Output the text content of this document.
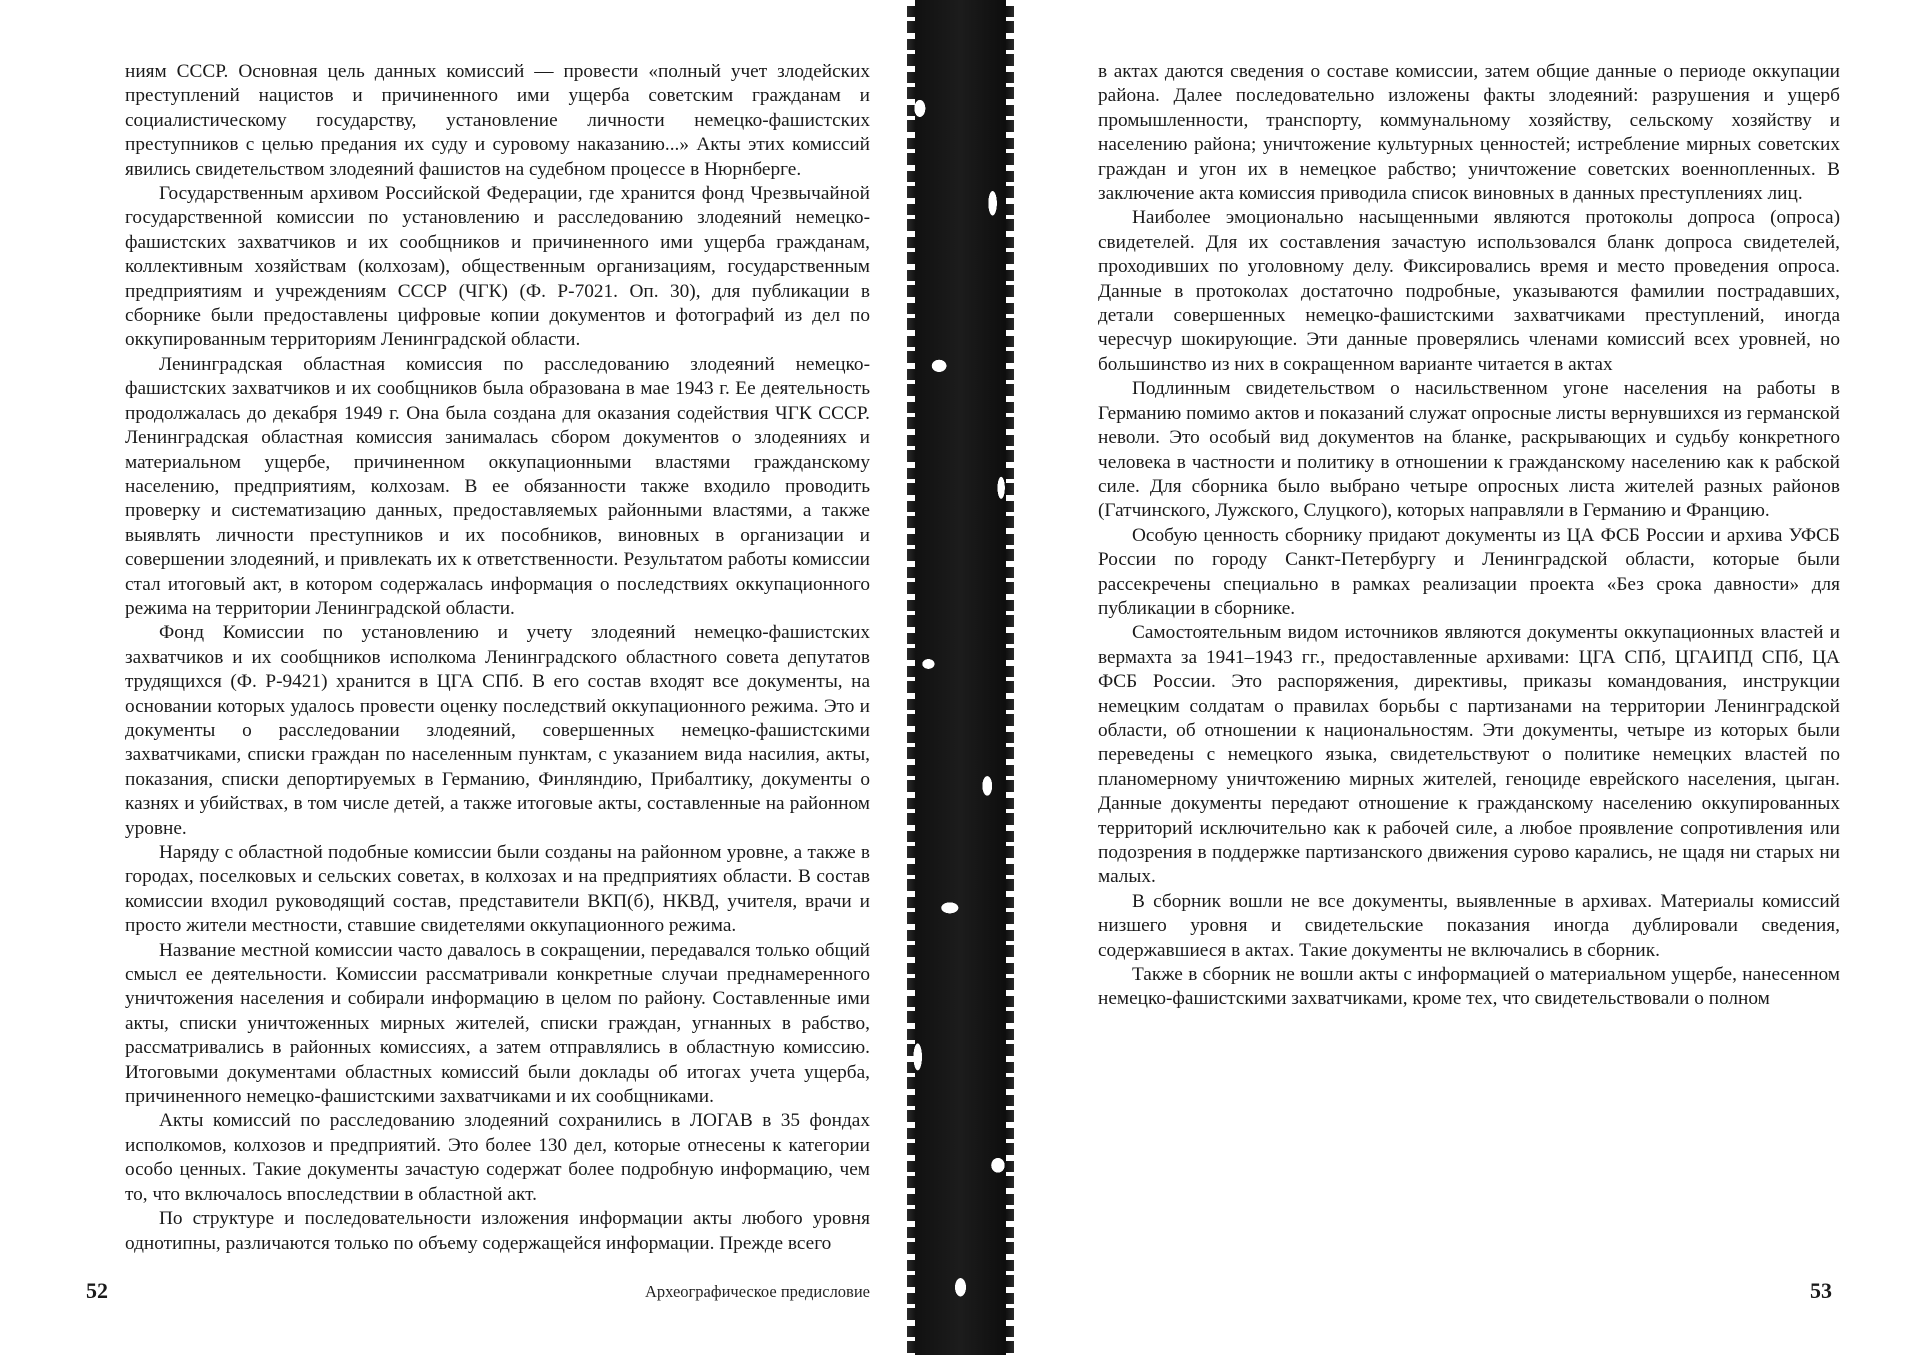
ниям СССР. Основная цель данных комиссий — провести «полный учет злодейских преступлений нацистов и причиненного ими ущерба советским гражданам и социалистическому государству, установление личности немецко-фашистских преступников с целью предания их суду и суровому наказанию...» Акты этих комиссий явились свидетельством злодеяний фашистов на судебном процессе в Нюрнберге.

Государственным архивом Российской Федерации, где хранится фонд Чрезвычайной государственной комиссии по установлению и расследованию злодеяний немецко-фашистских захватчиков и их сообщников и причиненного ими ущерба гражданам, коллективным хозяйствам (колхозам), общественным организациям, государственным предприятиям и учреждениям СССР (ЧГК) (Ф. Р-7021. Оп. 30), для публикации в сборнике были предоставлены цифровые копии документов и фотографий из дел по оккупированным территориям Ленинградской области.

Ленинградская областная комиссия по расследованию злодеяний немецко-фашистских захватчиков и их сообщников была образована в мае 1943 г. Ее деятельность продолжалась до декабря 1949 г. Она была создана для оказания содействия ЧГК СССР. Ленинградская областная комиссия занималась сбором документов о злодеяниях и материальном ущербе, причиненном оккупационными властями гражданскому населению, предприятиям, колхозам. В ее обязанности также входило проводить проверку и систематизацию данных, предоставляемых районными властями, а также выявлять личности преступников и их пособников, виновных в организации и совершении злодеяний, и привлекать их к ответственности. Результатом работы комиссии стал итоговый акт, в котором содержалась информация о последствиях оккупационного режима на территории Ленинградской области.

Фонд Комиссии по установлению и учету злодеяний немецко-фашистских захватчиков и их сообщников исполкома Ленинградского областного совета депутатов трудящихся (Ф. Р-9421) хранится в ЦГА СПб. В его состав входят все документы, на основании которых удалось провести оценку последствий оккупационного режима. Это и документы о расследовании злодеяний, совершенных немецко-фашистскими захватчиками, списки граждан по населенным пунктам, с указанием вида насилия, акты, показания, списки депортируемых в Германию, Финляндию, Прибалтику, документы о казнях и убийствах, в том числе детей, а также итоговые акты, составленные на районном уровне.

Наряду с областной подобные комиссии были созданы на районном уровне, а также в городах, поселковых и сельских советах, в колхозах и на предприятиях области. В состав комиссии входил руководящий состав, представители ВКП(б), НКВД, учителя, врачи и просто жители местности, ставшие свидетелями оккупационного режима.

Название местной комиссии часто давалось в сокращении, передавался только общий смысл ее деятельности. Комиссии рассматривали конкретные случаи преднамеренного уничтожения населения и собирали информацию в целом по району. Составленные ими акты, списки уничтоженных мирных жителей, списки граждан, угнанных в рабство, рассматривались в районных комиссиях, а затем отправлялись в областную комиссию. Итоговыми документами областных комиссий были доклады об итогах учета ущерба, причиненного немецко-фашистскими захватчиками и их сообщниками.

Акты комиссий по расследованию злодеяний сохранились в ЛОГАВ в 35 фондах исполкомов, колхозов и предприятий. Это более 130 дел, которые отнесены к категории особо ценных. Такие документы зачастую содержат более подробную информацию, чем то, что включалось впоследствии в областной акт.

По структуре и последовательности изложения информации акты любого уровня однотипны, различаются только по объему содержащейся информации. Прежде всего

в актах даются сведения о составе комиссии, затем общие данные о периоде оккупации района. Далее последовательно изложены факты злодеяний: разрушения и ущерб промышленности, транспорту, коммунальному хозяйству, сельскому хозяйству и населению района; уничтожение культурных ценностей; истребление мирных советских граждан и угон их в немецкое рабство; уничтожение советских военнопленных. В заключение акта комиссия приводила список виновных в данных преступлениях лиц.

Наиболее эмоционально насыщенными являются протоколы допроса (опроса) свидетелей. Для их составления зачастую использовался бланк допроса свидетелей, проходивших по уголовному делу. Фиксировались время и место проведения опроса. Данные в протоколах достаточно подробные, указываются фамилии пострадавших, детали совершенных немецко-фашистскими захватчиками преступлений, иногда чересчур шокирующие. Эти данные проверялись членами комиссий всех уровней, но большинство из них в сокращенном варианте читается в актах

Подлинным свидетельством о насильственном угоне населения на работы в Германию помимо актов и показаний служат опросные листы вернувшихся из германской неволи. Это особый вид документов на бланке, раскрывающих и судьбу конкретного человека в частности и политику в отношении к гражданскому населению как к рабской силе. Для сборника было выбрано четыре опросных листа жителей разных районов (Гатчинского, Лужского, Слуцкого), которых направляли в Германию и Францию.

Особую ценность сборнику придают документы из ЦА ФСБ России и архива УФСБ России по городу Санкт-Петербургу и Ленинградской области, которые были рассекречены специально в рамках реализации проекта «Без срока давности» для публикации в сборнике.

Самостоятельным видом источников являются документы оккупационных властей и вермахта за 1941–1943 гг., предоставленные архивами: ЦГА СПб, ЦГАИПД СПб, ЦА ФСБ России. Это распоряжения, директивы, приказы командования, инструкции немецким солдатам о правилах борьбы с партизанами на территории Ленинградской области, об отношении к национальностям. Эти документы, четыре из которых были переведены с немецкого языка, свидетельствуют о политике немецких властей по планомерному уничтожению мирных жителей, геноциде еврейского населения, цыган. Данные документы передают отношение к гражданскому населению оккупированных территорий исключительно как к рабочей силе, а любое проявление сопротивления или подозрения в поддержке партизанского движения сурово карались, не щадя ни старых ни малых.

В сборник вошли не все документы, выявленные в архивах. Материалы комиссий низшего уровня и свидетельские показания иногда дублировали сведения, содержавшиеся в актах. Такие документы не включались в сборник.

Также в сборник не вошли акты с информацией о материальном ущербе, нанесенном немецко-фашистскими захватчиками, кроме тех, что свидетельствовали о полном

52	Археографическое предисловие	53
